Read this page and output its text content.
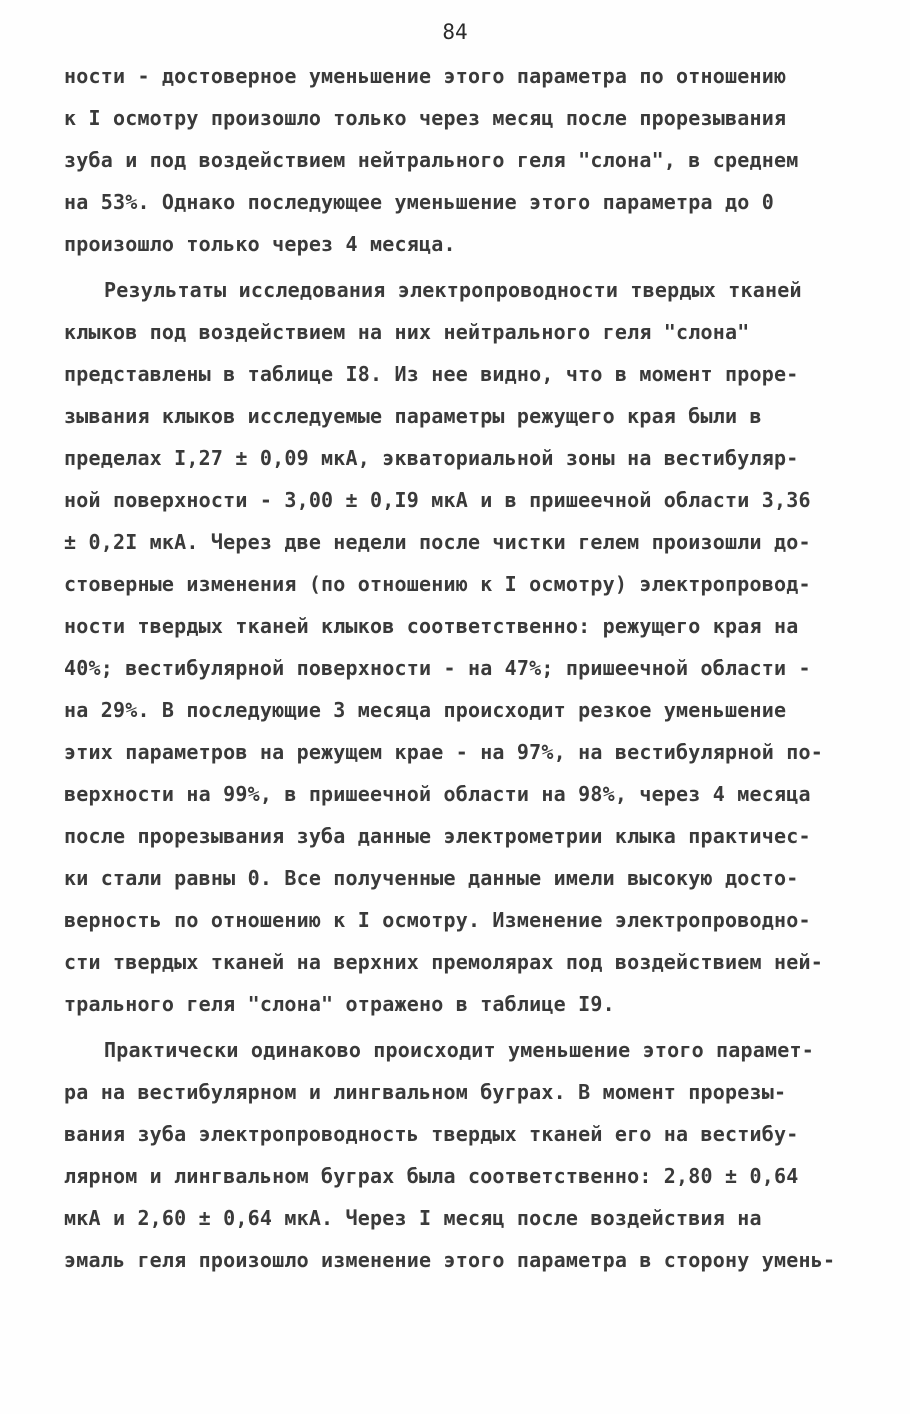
84
ности - достоверное уменьшение этого параметра по отношению
к I осмотру произошло только через месяц после прорезывания
зуба и под воздействием нейтрального геля "слона", в среднем
на 53%. Однако последующее уменьшение этого параметра до 0
произошло только через 4 месяца.
Результаты исследования электропроводности твердых тканей
клыков под воздействием на них нейтрального геля "слона"
представлены в таблице I8. Из нее видно, что в момент проре-
зывания клыков исследуемые параметры режущего края были в
пределах I,27 ± 0,09 мкА, экваториальной зоны на вестибуляр-
ной поверхности - 3,00 ± 0,I9 мкА и в пришеечной области 3,36
± 0,2I мкА. Через две недели после чистки гелем произошли до-
стоверные изменения (по отношению к I осмотру) электропровод-
ности твердых тканей клыков соответственно: режущего края на
40%; вестибулярной поверхности - на 47%; пришеечной области -
на 29%. В последующие 3 месяца происходит резкое уменьшение
этих параметров на режущем крае - на 97%, на вестибулярной по-
верхности на 99%, в пришеечной области на 98%, через 4 месяца
после прорезывания зуба данные электрометрии клыка практичес-
ки стали равны 0. Все полученные данные имели высокую досто-
верность по отношению к I осмотру. Изменение электропроводно-
сти твердых тканей на верхних премолярах под воздействием ней-
трального геля "слона" отражено в таблице I9.
Практически одинаково происходит уменьшение этого парамет-
ра на вестибулярном и лингвальном буграх. В момент прорезы-
вания зуба электропроводность твердых тканей его на вестибу-
лярном и лингвальном буграх была соответственно: 2,80 ± 0,64
мкА и 2,60 ± 0,64 мкА. Через I месяц после воздействия на
эмаль геля произошло изменение этого параметра в сторону умень-
